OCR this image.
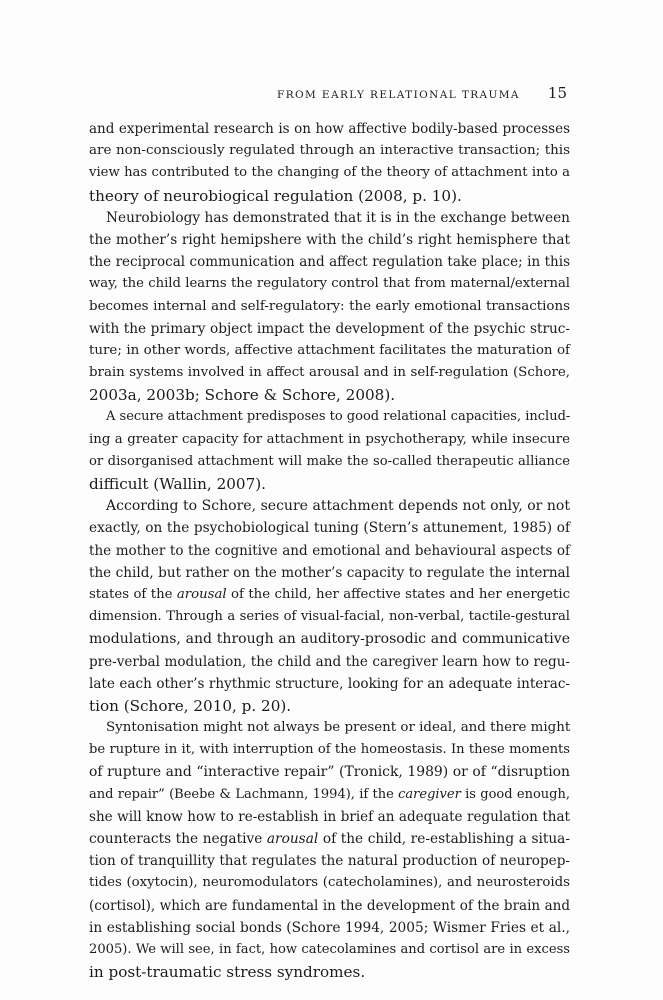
FROM EARLY RELATIONAL TRAUMA 15
and experimental research is on how affective bodily-based processes
are non-consciously regulated through an interactive transaction; this
view has contributed to the changing of the theory of attachment into a
theory of neurobiogical regulation (2008, p. 10).
Neurobiology has demonstrated that it is in the exchange between
the mother’s right hemipshere with the child’s right hemisphere that
the reciprocal communication and affect regulation take place; in this
way, the child learns the regulatory control that from maternal/external
becomes internal and self-regulatory: the early emotional transactions
with the primary object impact the development of the psychic struc-
ture; in other words, affective attachment facilitates the maturation of
brain systems involved in affect arousal and in self-regulation (Schore,
2003a, 2003b; Schore & Schore, 2008).
A secure attachment predisposes to good relational capacities, includ-
ing a greater capacity for attachment in psychotherapy, while insecure
or disorganised attachment will make the so-called therapeutic alliance
difficult (Wallin, 2007).
According to Schore, secure attachment depends not only, or not
exactly, on the psychobiological tuning (Stern’s attunement, 1985) of
the mother to the cognitive and emotional and behavioural aspects of
the child, but rather on the mother’s capacity to regulate the internal
states of the arousal of the child, her affective states and her energetic
dimension. Through a series of visual-facial, non-verbal, tactile-gestural
modulations, and through an auditory-prosodic and communicative
pre-verbal modulation, the child and the caregiver learn how to regu-
late each other’s rhythmic structure, looking for an adequate interac-
tion (Schore, 2010, p. 20).
Syntonisation might not always be present or ideal, and there might
be rupture in it, with interruption of the homeostasis. In these moments
of rupture and “interactive repair” (Tronick, 1989) or of “disruption
and repair” (Beebe & Lachmann, 1994), if the caregiver is good enough,
she will know how to re-establish in brief an adequate regulation that
counteracts the negative arousal of the child, re-establishing a situa-
tion of tranquillity that regulates the natural production of neuropep-
tides (oxytocin), neuromodulators (catecholamines), and neurosteroids
(cortisol), which are fundamental in the development of the brain and
in establishing social bonds (Schore 1994, 2005; Wismer Fries et al.,
2005). We will see, in fact, how catecolamines and cortisol are in excess
in post-traumatic stress syndromes.
